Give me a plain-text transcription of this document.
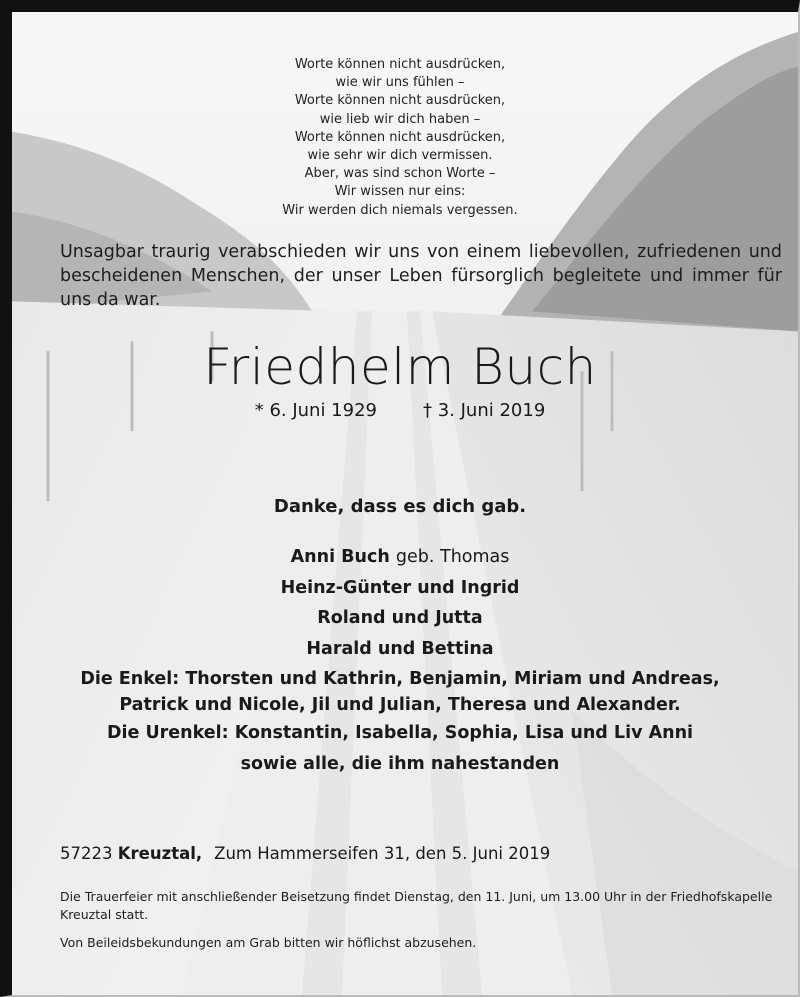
Worte können nicht ausdrücken,
wie wir uns fühlen –
Worte können nicht ausdrücken,
wie lieb wir dich haben –
Worte können nicht ausdrücken,
wie sehr wir dich vermissen.
Aber, was sind schon Worte –
Wir wissen nur eins:
Wir werden dich niemals vergessen.
Unsagbar traurig verabschieden wir uns von einem liebevollen, zufriedenen und bescheidenen Menschen, der unser Leben fürsorglich begleitete und immer für uns da war.
Friedhelm Buch
* 6. Juni 1929	† 3. Juni 2019
Danke, dass es dich gab.
Anni Buch geb. Thomas
Heinz-Günter und Ingrid
Roland und Jutta
Harald und Bettina
Die Enkel: Thorsten und Kathrin, Benjamin, Miriam und Andreas,
Patrick und Nicole, Jil und Julian, Theresa und Alexander.
Die Urenkel: Konstantin, Isabella, Sophia, Lisa und Liv Anni
sowie alle, die ihm nahestanden
57223 Kreuztal, Zum Hammerseifen 31, den 5. Juni 2019
Die Trauerfeier mit anschließender Beisetzung findet Dienstag, den 11. Juni, um 13.00 Uhr in der Friedhofskapelle Kreuztal statt.
Von Beileidsbekundungen am Grab bitten wir höflichst abzusehen.
